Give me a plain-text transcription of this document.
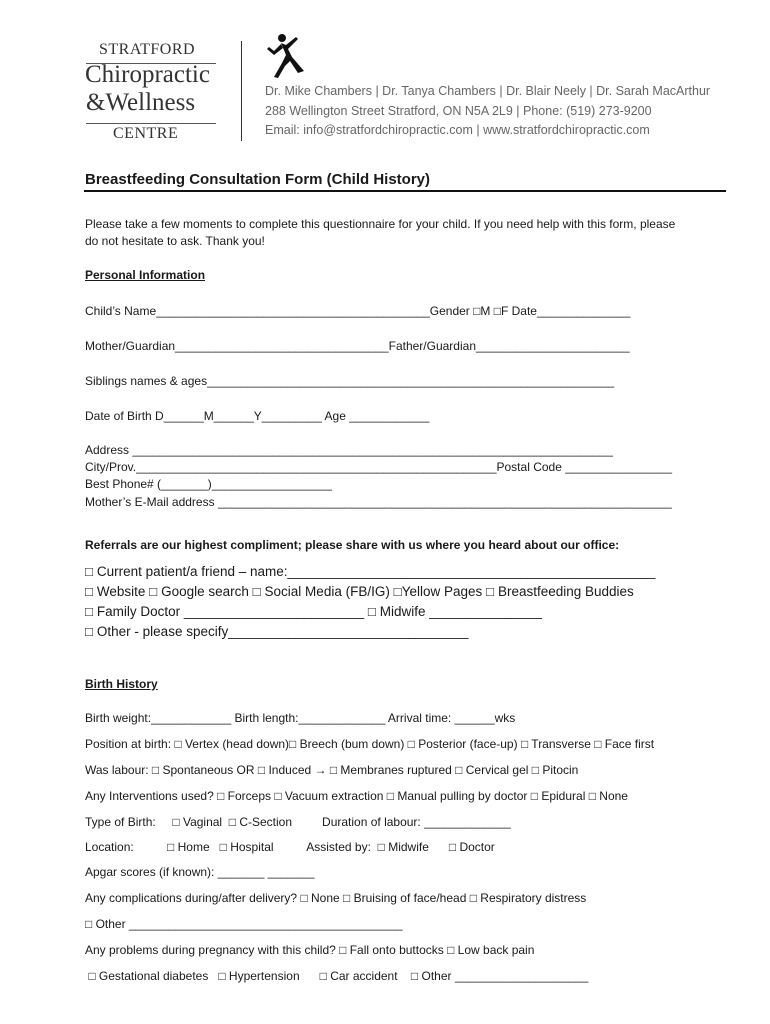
STRATFORD
Chiropractic
&Wellness
CENTRE
Dr. Mike Chambers | Dr. Tanya Chambers | Dr. Blair Neely | Dr. Sarah MacArthur
288 Wellington Street Stratford, ON N5A 2L9 | Phone: (519) 273-9200
Email: info@stratfordchiropractic.com | www.stratfordchiropractic.com
Breastfeeding Consultation Form (Child History)
Please take a few moments to complete this questionnaire for your child. If you need help with this form, please
do not hesitate to ask. Thank you!
Personal Information
Child’s Name_________________________________________Gender □M □F Date______________
Mother/Guardian________________________________Father/Guardian_______________________
Siblings names & ages_____________________________________________________________
Date of Birth D______M______Y_________ Age ____________
Address ________________________________________________________________________
City/Prov.______________________________________________________Postal Code ________________
Best Phone# (_______)__________________
Mother’s E-Mail address ____________________________________________________________________
Referrals are our highest compliment; please share with us where you heard about our office:
□ Current patient/a friend – name:_________________________________________________
□ Website □ Google search □ Social Media (FB/IG) □Yellow Pages □ Breastfeeding Buddies
□ Family Doctor ________________________ □ Midwife _______________
□ Other - please specify________________________________
Birth History
Birth weight:____________ Birth length:_____________ Arrival time: ______wks
Position at birth: □ Vertex (head down)□ Breech (bum down) □ Posterior (face-up) □ Transverse □ Face first
Was labour: □ Spontaneous OR □ Induced → □ Membranes ruptured □ Cervical gel □ Pitocin
Any Interventions used? □ Forceps □ Vacuum extraction □ Manual pulling by doctor □ Epidural □ None
Type of Birth:     □ Vaginal  □ C-Section         Duration of labour: _____________
Location:          □ Home   □ Hospital          Assisted by:  □ Midwife      □ Doctor
Apgar scores (if known): _______ _______
Any complications during/after delivery? □ None □ Bruising of face/head □ Respiratory distress
□ Other _________________________________________
Any problems during pregnancy with this child? □ Fall onto buttocks □ Low back pain
□ Gestational diabetes   □ Hypertension      □ Car accident    □ Other ____________________
